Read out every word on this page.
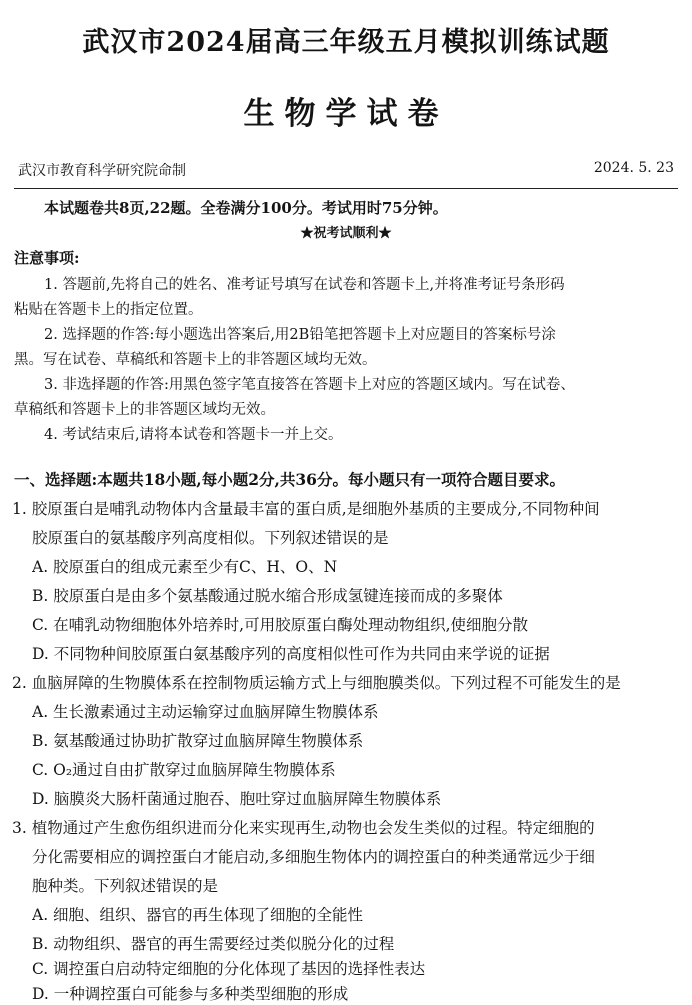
武汉市2024届高三年级五月模拟训练试题
生物学试卷
武汉市教育科学研究院命制	2024. 5. 23
本试题卷共8页,22题。全卷满分100分。考试用时75分钟。
★祝考试顺利★
注意事项:
1. 答题前,先将自己的姓名、准考证号填写在试卷和答题卡上,并将准考证号条形码
粘贴在答题卡上的指定位置。
2. 选择题的作答:每小题选出答案后,用2B铅笔把答题卡上对应题目的答案标号涂
黑。写在试卷、草稿纸和答题卡上的非答题区域均无效。
3. 非选择题的作答:用黑色签字笔直接答在答题卡上对应的答题区域内。写在试卷、
草稿纸和答题卡上的非答题区域均无效。
4. 考试结束后,请将本试卷和答题卡一并上交。
一、选择题:本题共18小题,每小题2分,共36分。每小题只有一项符合题目要求。
1. 胶原蛋白是哺乳动物体内含量最丰富的蛋白质,是细胞外基质的主要成分,不同物种间
胶原蛋白的氨基酸序列高度相似。下列叙述错误的是
A. 胶原蛋白的组成元素至少有C、H、O、N
B. 胶原蛋白是由多个氨基酸通过脱水缩合形成氢键连接而成的多聚体
C. 在哺乳动物细胞体外培养时,可用胶原蛋白酶处理动物组织,使细胞分散
D. 不同物种间胶原蛋白氨基酸序列的高度相似性可作为共同由来学说的证据
2. 血脑屏障的生物膜体系在控制物质运输方式上与细胞膜类似。下列过程不可能发生的是
A. 生长激素通过主动运输穿过血脑屏障生物膜体系
B. 氨基酸通过协助扩散穿过血脑屏障生物膜体系
C. O₂通过自由扩散穿过血脑屏障生物膜体系
D. 脑膜炎大肠杆菌通过胞吞、胞吐穿过血脑屏障生物膜体系
3. 植物通过产生愈伤组织进而分化来实现再生,动物也会发生类似的过程。特定细胞的
分化需要相应的调控蛋白才能启动,多细胞生物体内的调控蛋白的种类通常远少于细
胞种类。下列叙述错误的是
A. 细胞、组织、器官的再生体现了细胞的全能性
B. 动物组织、器官的再生需要经过类似脱分化的过程
C. 调控蛋白启动特定细胞的分化体现了基因的选择性表达
D. 一种调控蛋白可能参与多种类型细胞的形成
